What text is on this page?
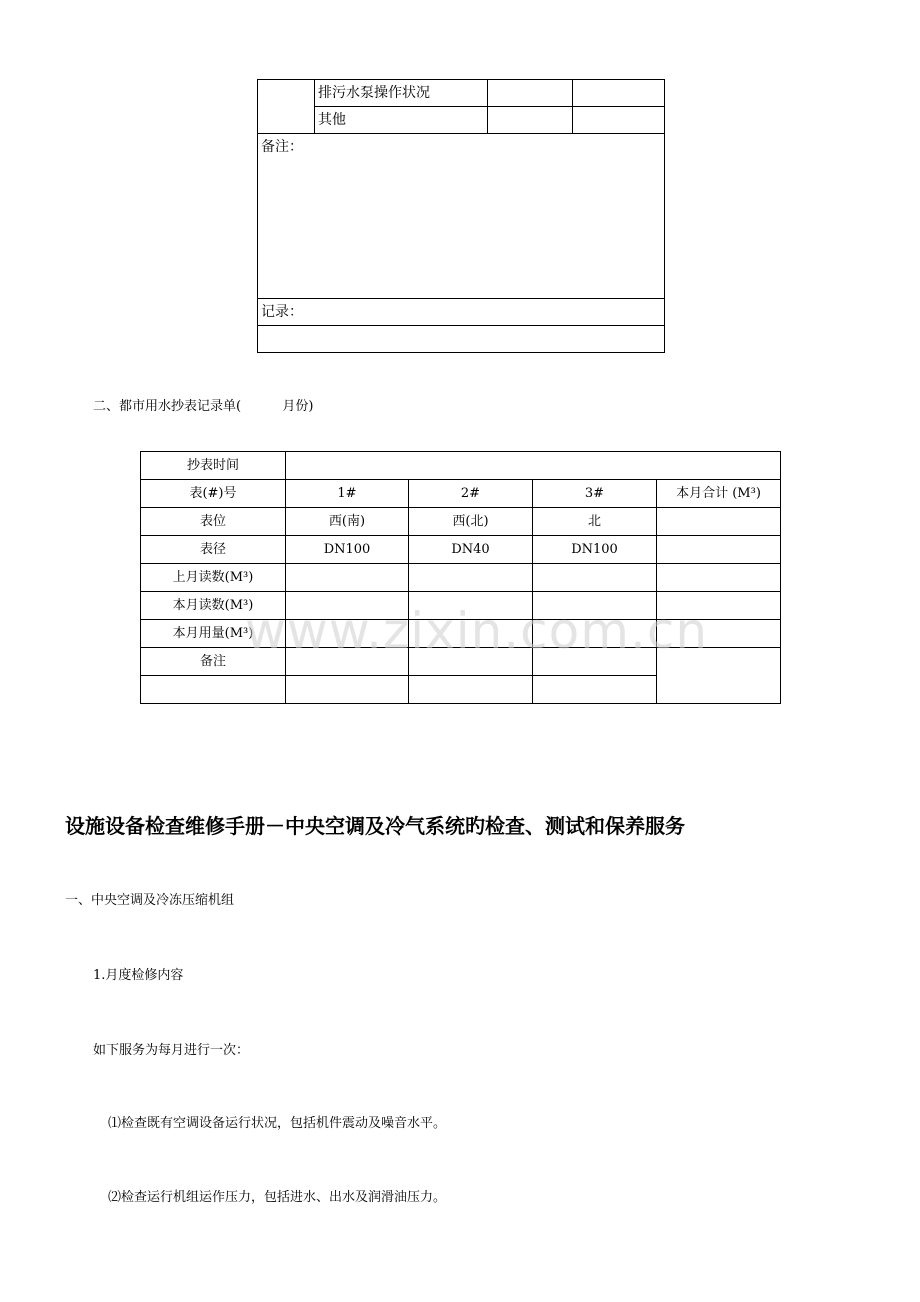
	排污水泵操作状况		
	其他		
备注：			
记录：			

二、都市用水抄表记录单(          月份)
抄表时间				
表(#)号	1#	2#	3#	本月合计 (M³)
表位	西(南)	西(北)	北	
表径	DN100	DN40	DN100	
上月读数(M³)				
本月读数(M³)				
本月用量(M³)				
备注				

www.zixin.com.cn
设施设备检查维修手册－中央空调及冷气系统旳检查、测试和保养服务
一、中央空调及冷冻压缩机组
1.月度检修内容
如下服务为每月进行一次：
⑴检查既有空调设备运行状况，包括机件震动及噪音水平。
⑵检查运行机组运作压力，包括进水、出水及润滑油压力。
